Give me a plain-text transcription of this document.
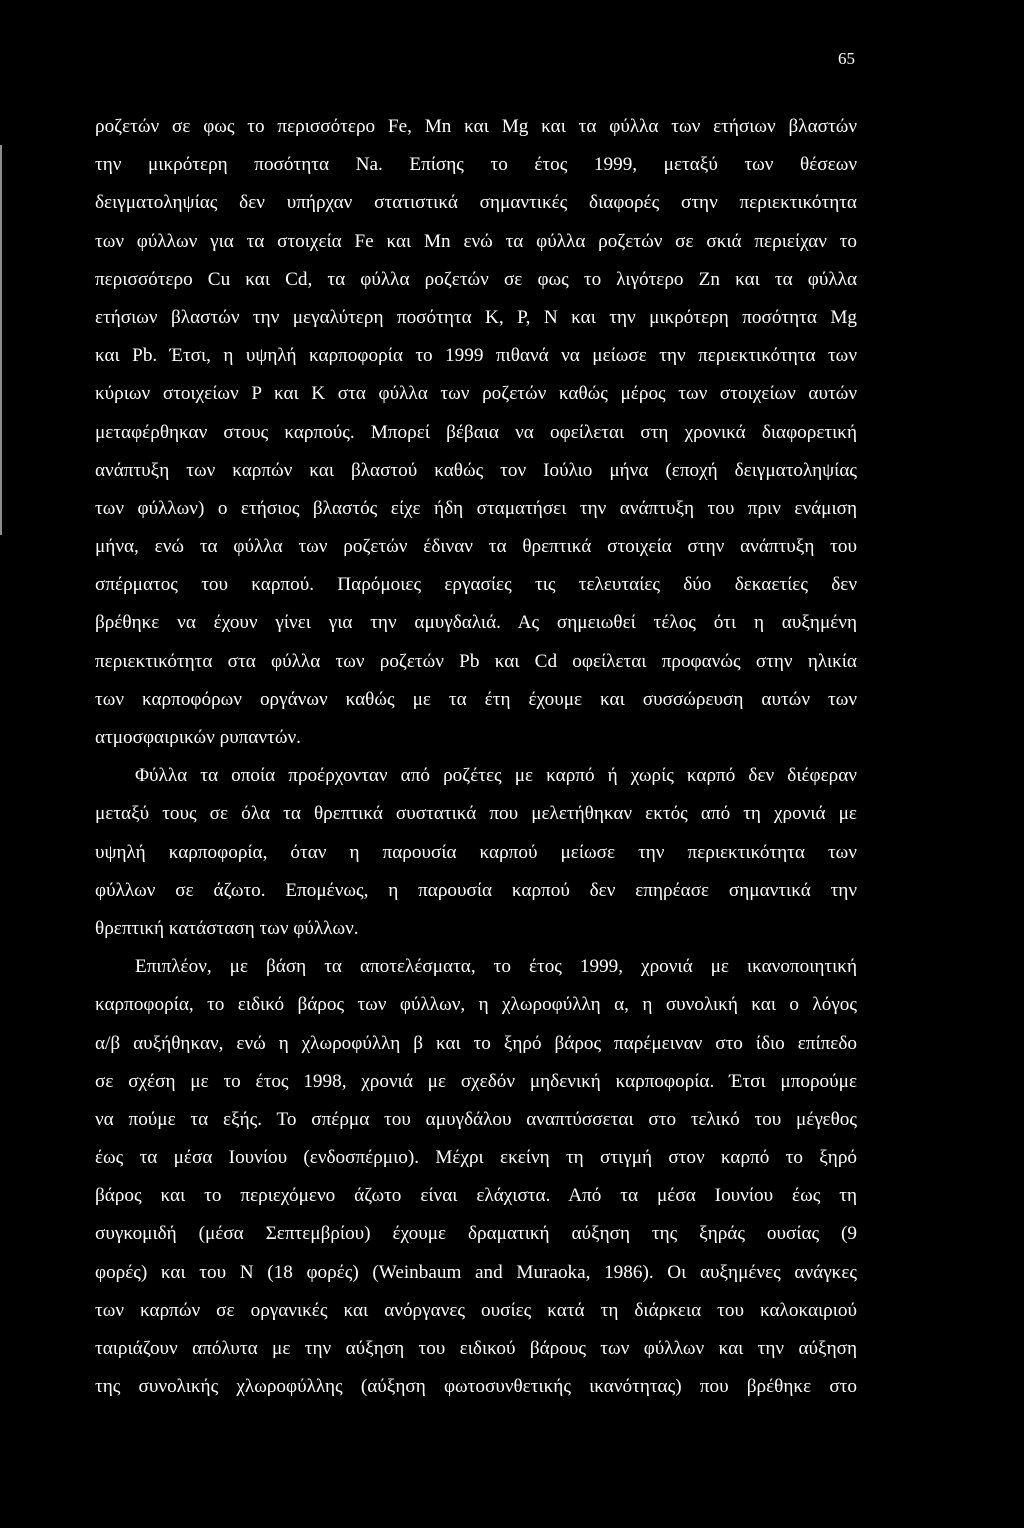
65
ροζετών σε φως το περισσότερο Fe, Mn και Mg και τα φύλλα των ετήσιων βλαστών
την μικρότερη ποσότητα Na. Επίσης το έτος 1999, μεταξύ των θέσεων
δειγματοληψίας δεν υπήρχαν στατιστικά σημαντικές διαφορές στην περιεκτικότητα
των φύλλων για τα στοιχεία Fe και Mn ενώ τα φύλλα ροζετών σε σκιά περιείχαν το
περισσότερο Cu και Cd, τα φύλλα ροζετών σε φως το λιγότερο Zn και τα φύλλα
ετήσιων βλαστών την μεγαλύτερη ποσότητα K, P, N και την μικρότερη ποσότητα Mg
και Pb. Έτσι, η υψηλή καρποφορία το 1999 πιθανά να μείωσε την περιεκτικότητα των
κύριων στοιχείων P και K στα φύλλα των ροζετών καθώς μέρος των στοιχείων αυτών
μεταφέρθηκαν στους καρπούς. Μπορεί βέβαια να οφείλεται στη χρονικά διαφορετική
ανάπτυξη των καρπών και βλαστού καθώς τον Ιούλιο μήνα (εποχή δειγματοληψίας
των φύλλων) ο ετήσιος βλαστός είχε ήδη σταματήσει την ανάπτυξη του πριν ενάμιση
μήνα, ενώ τα φύλλα των ροζετών έδιναν τα θρεπτικά στοιχεία στην ανάπτυξη του
σπέρματος του καρπού. Παρόμοιες εργασίες τις τελευταίες δύο δεκαετίες δεν
βρέθηκε να έχουν γίνει για την αμυγδαλιά. Ας σημειωθεί τέλος ότι η αυξημένη
περιεκτικότητα στα φύλλα των ροζετών Pb και Cd οφείλεται προφανώς στην ηλικία
των καρποφόρων οργάνων καθώς με τα έτη έχουμε και συσσώρευση αυτών των
ατμοσφαιρικών ρυπαντών.
Φύλλα τα οποία προέρχονταν από ροζέτες με καρπό ή χωρίς καρπό δεν διέφεραν
μεταξύ τους σε όλα τα θρεπτικά συστατικά που μελετήθηκαν εκτός από τη χρονιά με
υψηλή καρποφορία, όταν η παρουσία καρπού μείωσε την περιεκτικότητα των
φύλλων σε άζωτο. Επομένως, η παρουσία καρπού δεν επηρέασε σημαντικά την
θρεπτική κατάσταση των φύλλων.
Επιπλέον, με βάση τα αποτελέσματα, το έτος 1999, χρονιά με ικανοποιητική
καρποφορία, το ειδικό βάρος των φύλλων, η χλωροφύλλη α, η συνολική και ο λόγος
α/β αυξήθηκαν, ενώ η χλωροφύλλη β και το ξηρό βάρος παρέμειναν στο ίδιο επίπεδο
σε σχέση με το έτος 1998, χρονιά με σχεδόν μηδενική καρποφορία. Έτσι μπορούμε
να πούμε τα εξής. Το σπέρμα του αμυγδάλου αναπτύσσεται στο τελικό του μέγεθος
έως τα μέσα Ιουνίου (ενδοσπέρμιο). Μέχρι εκείνη τη στιγμή στον καρπό το ξηρό
βάρος και το περιεχόμενο άζωτο είναι ελάχιστα. Από τα μέσα Ιουνίου έως τη
συγκομιδή (μέσα Σεπτεμβρίου) έχουμε δραματική αύξηση της ξηράς ουσίας (9
φορές) και του N (18 φορές) (Weinbaum and Muraoka, 1986). Οι αυξημένες ανάγκες
των καρπών σε οργανικές και ανόργανες ουσίες κατά τη διάρκεια του καλοκαιριού
ταιριάζουν απόλυτα με την αύξηση του ειδικού βάρους των φύλλων και την αύξηση
της συνολικής χλωροφύλλης (αύξηση φωτοσυνθετικής ικανότητας) που βρέθηκε στο
